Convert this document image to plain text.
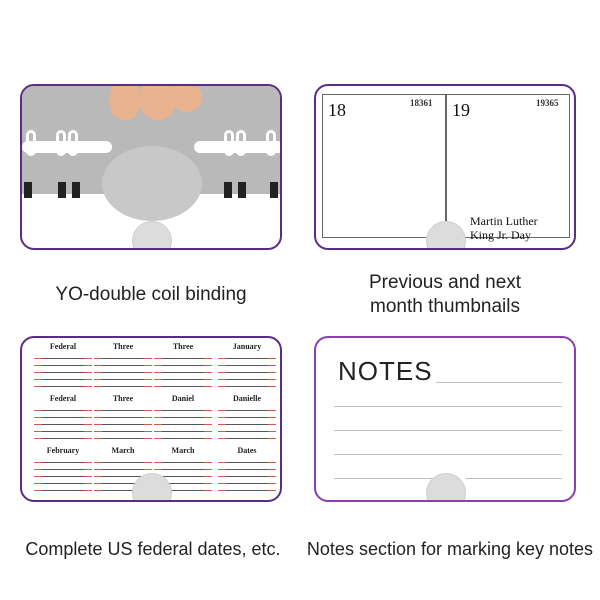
YO-double coil binding
18	18361 19	19365
Martin Luther
King Jr. Day
Previous and next
month thumbnails
Federal	Three	Three	January
Federal	Three	Daniel	Danielle
February	March	March	Dates
Complete US federal dates, etc.
NOTES
Notes section for marking key notes
